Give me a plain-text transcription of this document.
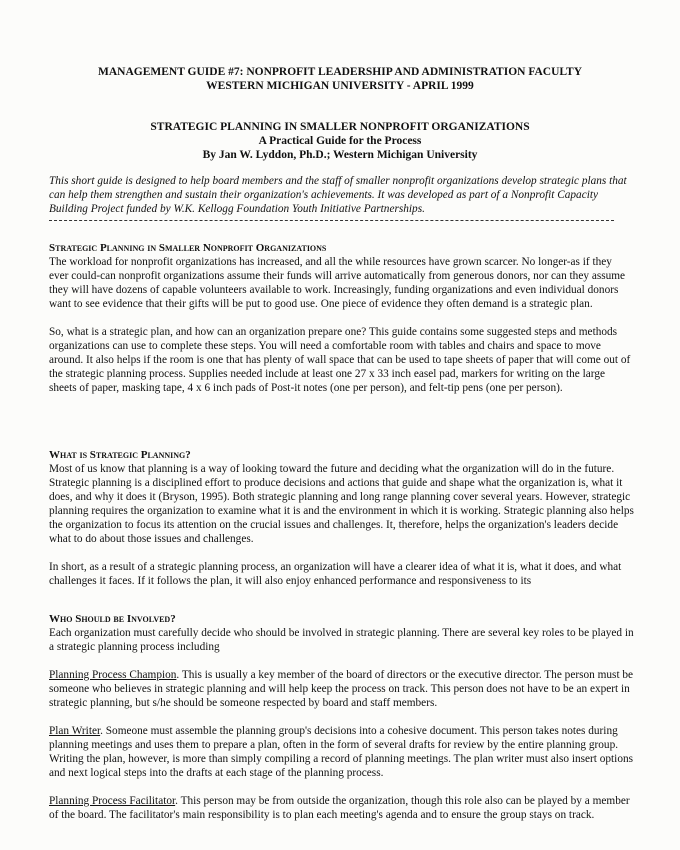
MANAGEMENT GUIDE #7: NONPROFIT LEADERSHIP AND ADMINISTRATION FACULTY
WESTERN MICHIGAN UNIVERSITY - APRIL 1999
STRATEGIC PLANNING IN SMALLER NONPROFIT ORGANIZATIONS
A Practical Guide for the Process
By Jan W. Lyddon, Ph.D.; Western Michigan University
This short guide is designed to help board members and the staff of smaller nonprofit organizations develop strategic plans that can help them strengthen and sustain their organization's achievements. It was developed as part of a Nonprofit Capacity Building Project funded by W.K. Kellogg Foundation Youth Initiative Partnerships.
Strategic Planning in Smaller Nonprofit Organizations

The workload for nonprofit organizations has increased, and all the while resources have grown scarcer. No longer-as if they ever could-can nonprofit organizations assume their funds will arrive automatically from generous donors, nor can they assume they will have dozens of capable volunteers available to work. Increasingly, funding organizations and even individual donors want to see evidence that their gifts will be put to good use. One piece of evidence they often demand is a strategic plan.

So, what is a strategic plan, and how can an organization prepare one? This guide contains some suggested steps and methods organizations can use to complete these steps. You will need a comfortable room with tables and chairs and space to move around. It also helps if the room is one that has plenty of wall space that can be used to tape sheets of paper that will come out of the strategic planning process. Supplies needed include at least one 27 x 33 inch easel pad, markers for writing on the large sheets of paper, masking tape, 4 x 6 inch pads of Post-it notes (one per person), and felt-tip pens (one per person).

What is Strategic Planning?

Most of us know that planning is a way of looking toward the future and deciding what the organization will do in the future. Strategic planning is a disciplined effort to produce decisions and actions that guide and shape what the organization is, what it does, and why it does it (Bryson, 1995). Both strategic planning and long range planning cover several years. However, strategic planning requires the organization to examine what it is and the environment in which it is working. Strategic planning also helps the organization to focus its attention on the crucial issues and challenges. It, therefore, helps the organization's leaders decide what to do about those issues and challenges.

In short, as a result of a strategic planning process, an organization will have a clearer idea of what it is, what it does, and what challenges it faces. If it follows the plan, it will also enjoy enhanced performance and responsiveness to its

Who Should be Involved?

Each organization must carefully decide who should be involved in strategic planning. There are several key roles to be played in a strategic planning process including

Planning Process Champion. This is usually a key member of the board of directors or the executive director. The person must be someone who believes in strategic planning and will help keep the process on track. This person does not have to be an expert in strategic planning, but s/he should be someone respected by board and staff members.

Plan Writer. Someone must assemble the planning group's decisions into a cohesive document. This person takes notes during planning meetings and uses them to prepare a plan, often in the form of several drafts for review by the entire planning group. Writing the plan, however, is more than simply compiling a record of planning meetings. The plan writer must also insert options and next logical steps into the drafts at each stage of the planning process.

Planning Process Facilitator. This person may be from outside the organization, though this role also can be played by a member of the board. The facilitator's main responsibility is to plan each meeting's agenda and to ensure the group stays on track.
